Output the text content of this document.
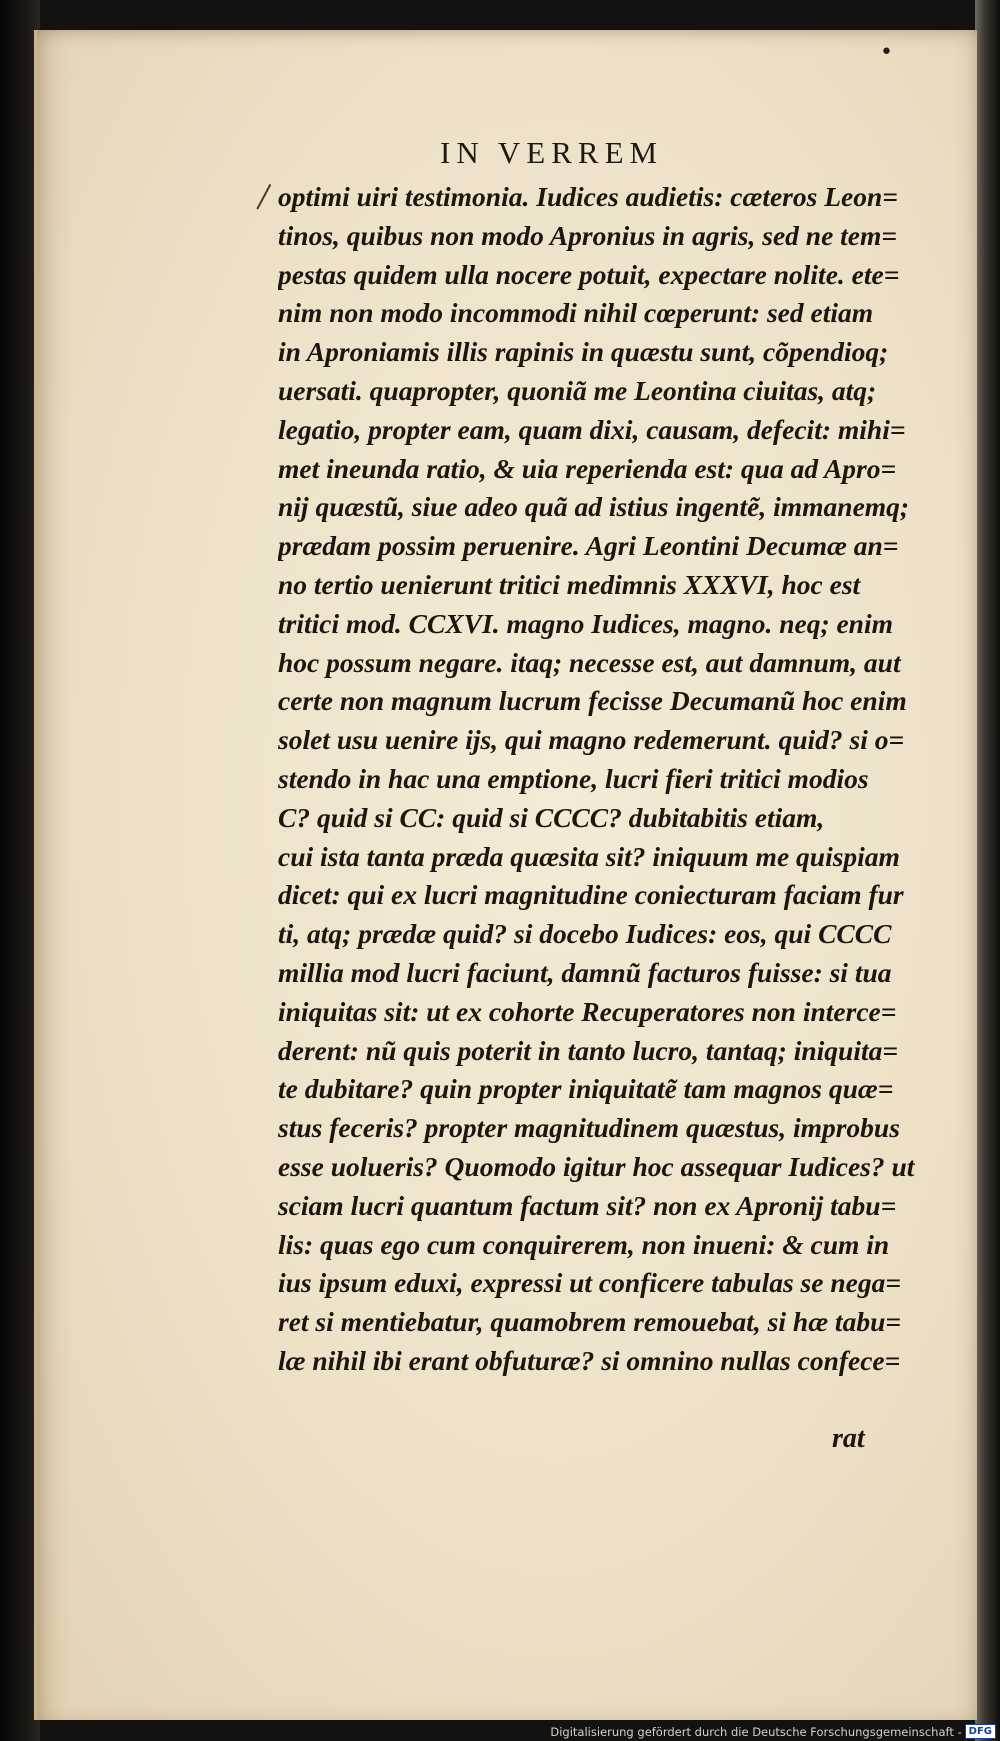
•
IN VERREM
optimi uiri testimonia. Iudices audietis: cæteros Leon=
tinos, quibus non modo Apronius in agris, sed ne tem=
pestas quidem ulla nocere potuit, expectare nolite. ete=
nim non modo incommodi nihil cœperunt: sed etiam
in Aproniamis illis rapinis in quæstu sunt, cõpendioq;
uersati. quapropter, quoniã me Leontina ciuitas, atq;
legatio, propter eam, quam dixi, causam, defecit: mihi=
met ineunda ratio, & uia reperienda est: qua ad Apro=
nij quæstũ, siue adeo quã ad istius ingentẽ, immanemq;
prædam possim peruenire. Agri Leontini Decumæ an=
no tertio uenierunt tritici medimnis XXXVI, hoc est
tritici mod. CCXVI. magno Iudices, magno. neq; enim
hoc possum negare. itaq; necesse est, aut damnum, aut
certe non magnum lucrum fecisse Decumanũ hoc enim
solet usu uenire ijs, qui magno redemerunt. quid? si o=
stendo in hac una emptione, lucri fieri tritici modios
C? quid si CC: quid si CCCC? dubitabitis etiam,
cui ista tanta præda quæsita sit? iniquum me quispiam
dicet: qui ex lucri magnitudine coniecturam faciam fur
ti, atq; prædæ quid? si docebo Iudices: eos, qui CCCC
millia mod lucri faciunt, damnũ facturos fuisse: si tua
iniquitas sit: ut ex cohorte Recuperatores non interce=
derent: nũ quis poterit in tanto lucro, tantaq; iniquita=
te dubitare? quin propter iniquitatẽ tam magnos quæ=
stus feceris? propter magnitudinem quæstus, improbus
esse uolueris? Quomodo igitur hoc assequar Iudices? ut
sciam lucri quantum factum sit? non ex Apronij tabu=
lis: quas ego cum conquirerem, non inueni: & cum in
ius ipsum eduxi, expressi ut conficere tabulas se nega=
ret si mentiebatur, quamobrem remouebat, si hæ tabu=
læ nihil ibi erant obfuturæ? si omnino nullas confece=
rat
Digitalisierung gefördert durch die Deutsche Forschungsgemeinschaft - DFG
